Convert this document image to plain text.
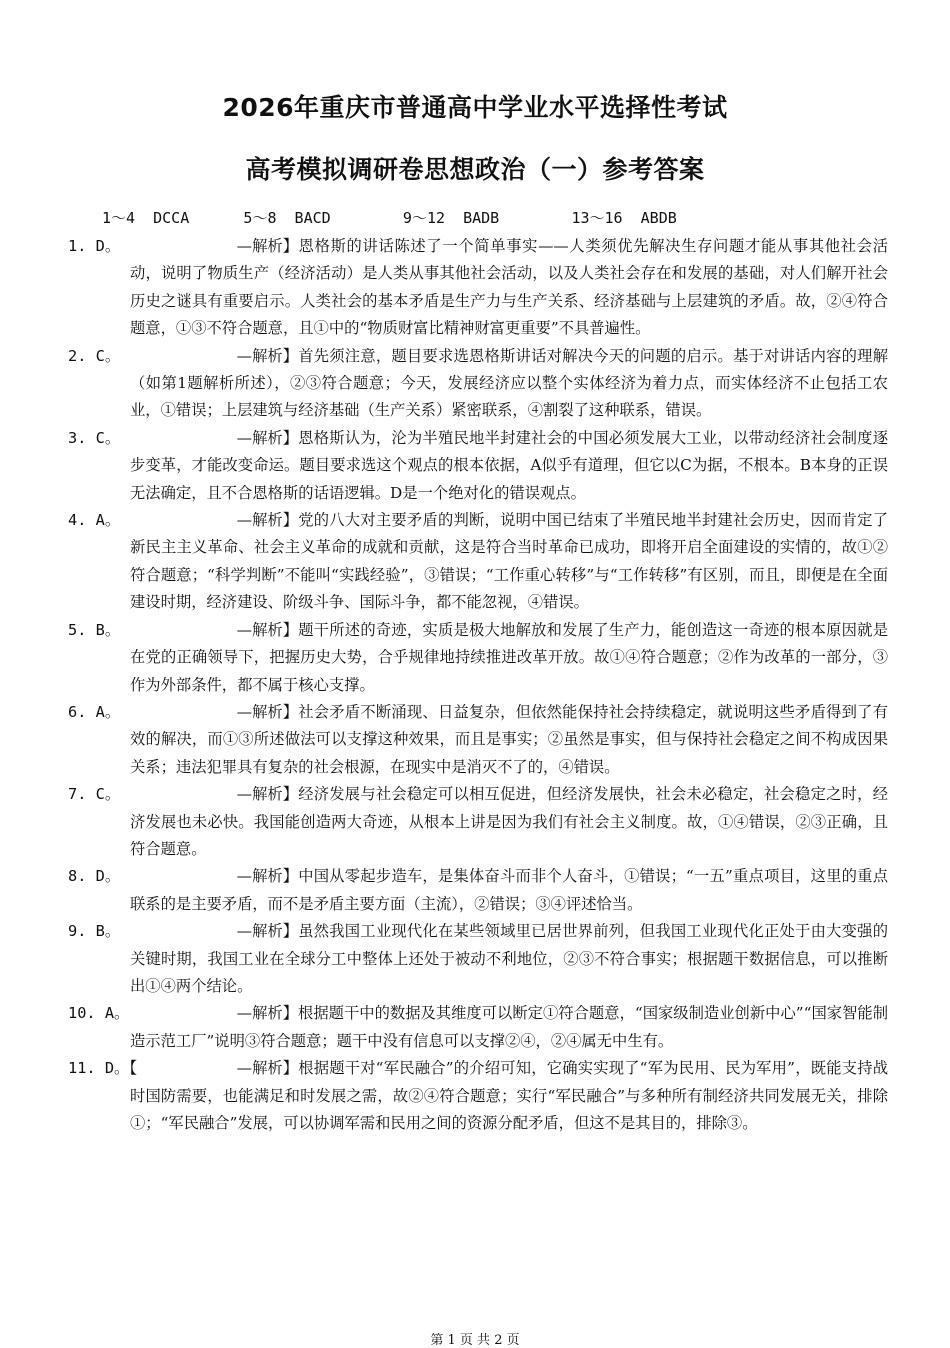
2026年重庆市普通高中学业水平选择性考试
高考模拟调研卷思想政治（一）参考答案
1～4  DCCA      5～8  BACD        9～12  BADB        13～16  ABDB
1. D。	—解析】恩格斯的讲话陈述了一个简单事实——人类须优先解决生存问题才能从事其他社会活动，说明了物质生产（经济活动）是人类从事其他社会活动，以及人类社会存在和发展的基础，对人们解开社会历史之谜具有重要启示。人类社会的基本矛盾是生产力与生产关系、经济基础与上层建筑的矛盾。故，②④符合题意，①③不符合题意，且①中的“物质财富比精神财富更重要”不具普遍性。
2. C。	—解析】首先须注意，题目要求选恩格斯讲话对解决今天的问题的启示。基于对讲话内容的理解（如第1题解析所述），②③符合题意；今天，发展经济应以整个实体经济为着力点，而实体经济不止包括工农业，①错误；上层建筑与经济基础（生产关系）紧密联系，④割裂了这种联系，错误。
3. C。	—解析】恩格斯认为，沦为半殖民地半封建社会的中国必须发展大工业，以带动经济社会制度逐步变革，才能改变命运。题目要求选这个观点的根本依据，A似乎有道理，但它以C为据，不根本。B本身的正误无法确定，且不合恩格斯的话语逻辑。D是一个绝对化的错误观点。
4. A。	—解析】党的八大对主要矛盾的判断，说明中国已结束了半殖民地半封建社会历史，因而肯定了新民主主义革命、社会主义革命的成就和贡献，这是符合当时革命已成功，即将开启全面建设的实情的，故①②符合题意；“科学判断”不能叫“实践经验”，③错误；“工作重心转移”与“工作转移”有区别，而且，即便是在全面建设时期，经济建设、阶级斗争、国际斗争，都不能忽视，④错误。
5. B。	—解析】题干所述的奇迹，实质是极大地解放和发展了生产力，能创造这一奇迹的根本原因就是在党的正确领导下，把握历史大势，合乎规律地持续推进改革开放。故①④符合题意；②作为改革的一部分，③作为外部条件，都不属于核心支撑。
6. A。	—解析】社会矛盾不断涌现、日益复杂，但依然能保持社会持续稳定，就说明这些矛盾得到了有效的解决，而①③所述做法可以支撑这种效果，而且是事实；②虽然是事实，但与保持社会稳定之间不构成因果关系；违法犯罪具有复杂的社会根源，在现实中是消灭不了的，④错误。
7. C。	—解析】经济发展与社会稳定可以相互促进，但经济发展快，社会未必稳定，社会稳定之时，经济发展也未必快。我国能创造两大奇迹，从根本上讲是因为我们有社会主义制度。故，①④错误，②③正确，且符合题意。
8. D。	—解析】中国从零起步造车，是集体奋斗而非个人奋斗，①错误；“一五”重点项目，这里的重点联系的是主要矛盾，而不是矛盾主要方面（主流），②错误；③④评述恰当。
9. B。	—解析】虽然我国工业现代化在某些领域里已居世界前列，但我国工业现代化正处于由大变强的关键时期，我国工业在全球分工中整体上还处于被动不利地位，②③不符合事实；根据题干数据信息，可以推断出①④两个结论。
10. A。	—解析】根据题干中的数据及其维度可以断定①符合题意，“国家级制造业创新中心”“国家智能制造示范工厂”说明③符合题意；题干中没有信息可以支撑②④，②④属无中生有。
11. D。【	—解析】根据题干对“军民融合”的介绍可知，它确实实现了“军为民用、民为军用”，既能支持战时国防需要，也能满足和时发展之需，故②④符合题意；实行“军民融合”与多种所有制经济共同发展无关，排除①；“军民融合”发展，可以协调军需和民用之间的资源分配矛盾，但这不是其目的，排除③。
第 1 页 共 2 页
